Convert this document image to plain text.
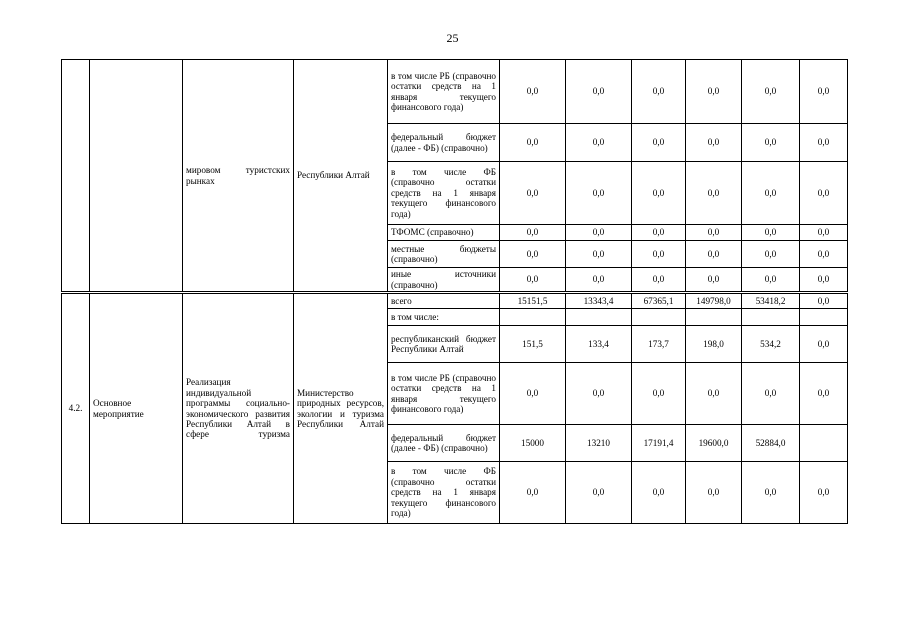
25
		мировом туристских рынках	Республики Алтай	в том числе РБ (справочно остатки средств на 1 января текущего финансового года)	0,0	0,0	0,0	0,0	0,0	0,0
				федеральный бюджет (далее - ФБ) (справочно)	0,0	0,0	0,0	0,0	0,0	0,0
				в том числе ФБ (справочно остатки средств на 1 января текущего финансового года)	0,0	0,0	0,0	0,0	0,0	0,0
				ТФОМС (справочно)	0,0	0,0	0,0	0,0	0,0	0,0
				местные бюджеты (справочно)	0,0	0,0	0,0	0,0	0,0	0,0
				иные источники (справочно)	0,0	0,0	0,0	0,0	0,0	0,0
4.2.	Основное мероприятие	Реализация индивидуальной программы социально-экономического развития Республики Алтай в сфере туризма	Министерство природных ресурсов, экологии и туризма Республики Алтай	всего	15151,5	13343,4	67365,1	149798,0	53418,2	0,0
				в том числе:						
				республиканский бюджет Республики Алтай	151,5	133,4	173,7	198,0	534,2	0,0
				в том числе РБ (справочно остатки средств на 1 января текущего финансового года)	0,0	0,0	0,0	0,0	0,0	0,0
				федеральный бюджет (далее - ФБ) (справочно)	15000	13210	17191,4	19600,0	52884,0	
				в том числе ФБ (справочно остатки средств на 1 января текущего финансового года)	0,0	0,0	0,0	0,0	0,0	0,0
